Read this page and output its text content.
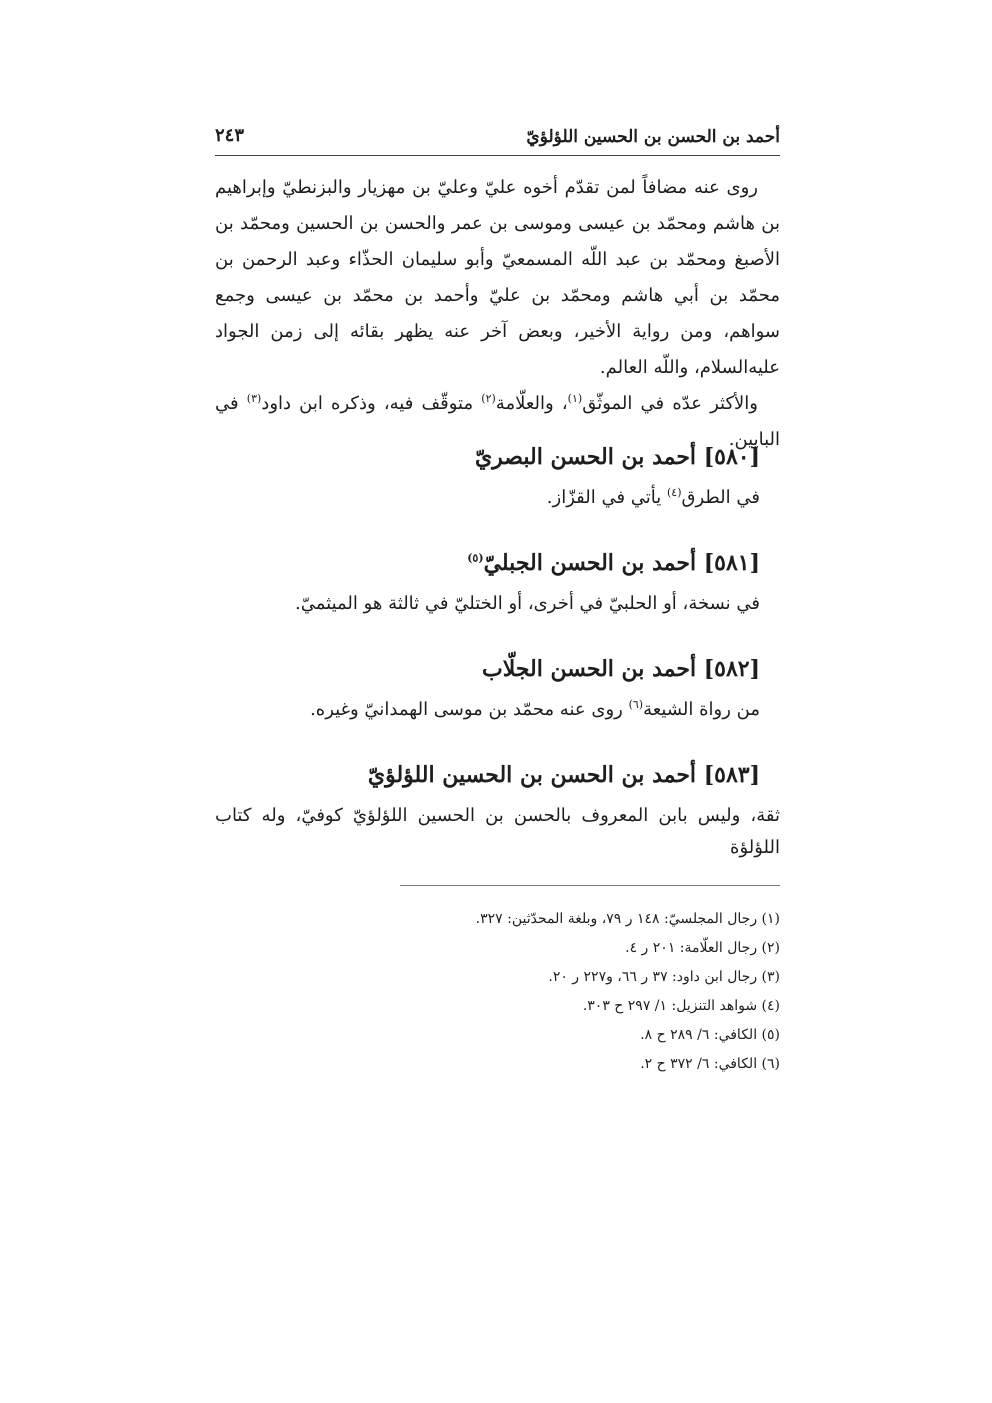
أحمد بن الحسن بن الحسين اللؤلؤيّ
٢٤٣

روى عنه مضافاً لمن تقدّم أخوه عليّ وعليّ بن مهزيار والبزنطيّ وإبراهيم بن هاشم ومحمّد بن عيسى وموسى بن عمر والحسن بن الحسين ومحمّد بن الأصبغ ومحمّد بن عبد اللّه المسمعيّ وأبو سليمان الحذّاء وعبد الرحمن بن محمّد بن أبي هاشم ومحمّد بن عليّ وأحمد بن محمّد بن عيسى وجمع سواهم، ومن رواية الأخير، وبعض آخر عنه يظهر بقائه إلى زمن الجواد عليه‌السلام، واللّه العالم.

والأكثر عدّه في الموثّق$^{(١)}$، والعلّامة$^{(٢)}$ متوقّف فيه، وذكره ابن داود$^{(٣)}$ في البايين.

[٥٨٠] أحمد بن الحسن البصريّ
في الطرق$^{(٤)}$ يأتي في القزّاز.
[٥٨١] أحمد بن الحسن الجبليّ$^{(٥)}$
في نسخة، أو الحلبيّ في أخرى، أو الختليّ في ثالثة هو الميثميّ.
[٥٨٢] أحمد بن الحسن الجلّاب
من رواة الشيعة$^{(٦)}$ روى عنه محمّد بن موسى الهمدانيّ وغيره.
[٥٨٣] أحمد بن الحسن بن الحسين اللؤلؤيّ
ثقة، وليس بابن المعروف بالحسن بن الحسين اللؤلؤيّ كوفيّ، وله كتاب اللؤلؤة
(١) رجال المجلسيّ: ١٤٨ ر ٧٩، وبلغة المحدّثين: ٣٢٧.
(٢) رجال العلّامة: ٢٠١ ر ٤.
(٣) رجال ابن داود: ٣٧ ر ٦٦، و٢٢٧ ر ٢٠.
(٤) شواهد التنزيل: ١/ ٢٩٧ ح ٣٠٣.
(٥) الكافي: ٦/ ٢٨٩ ح ٨.
(٦) الكافي: ٦/ ٣٧٢ ح ٢.
